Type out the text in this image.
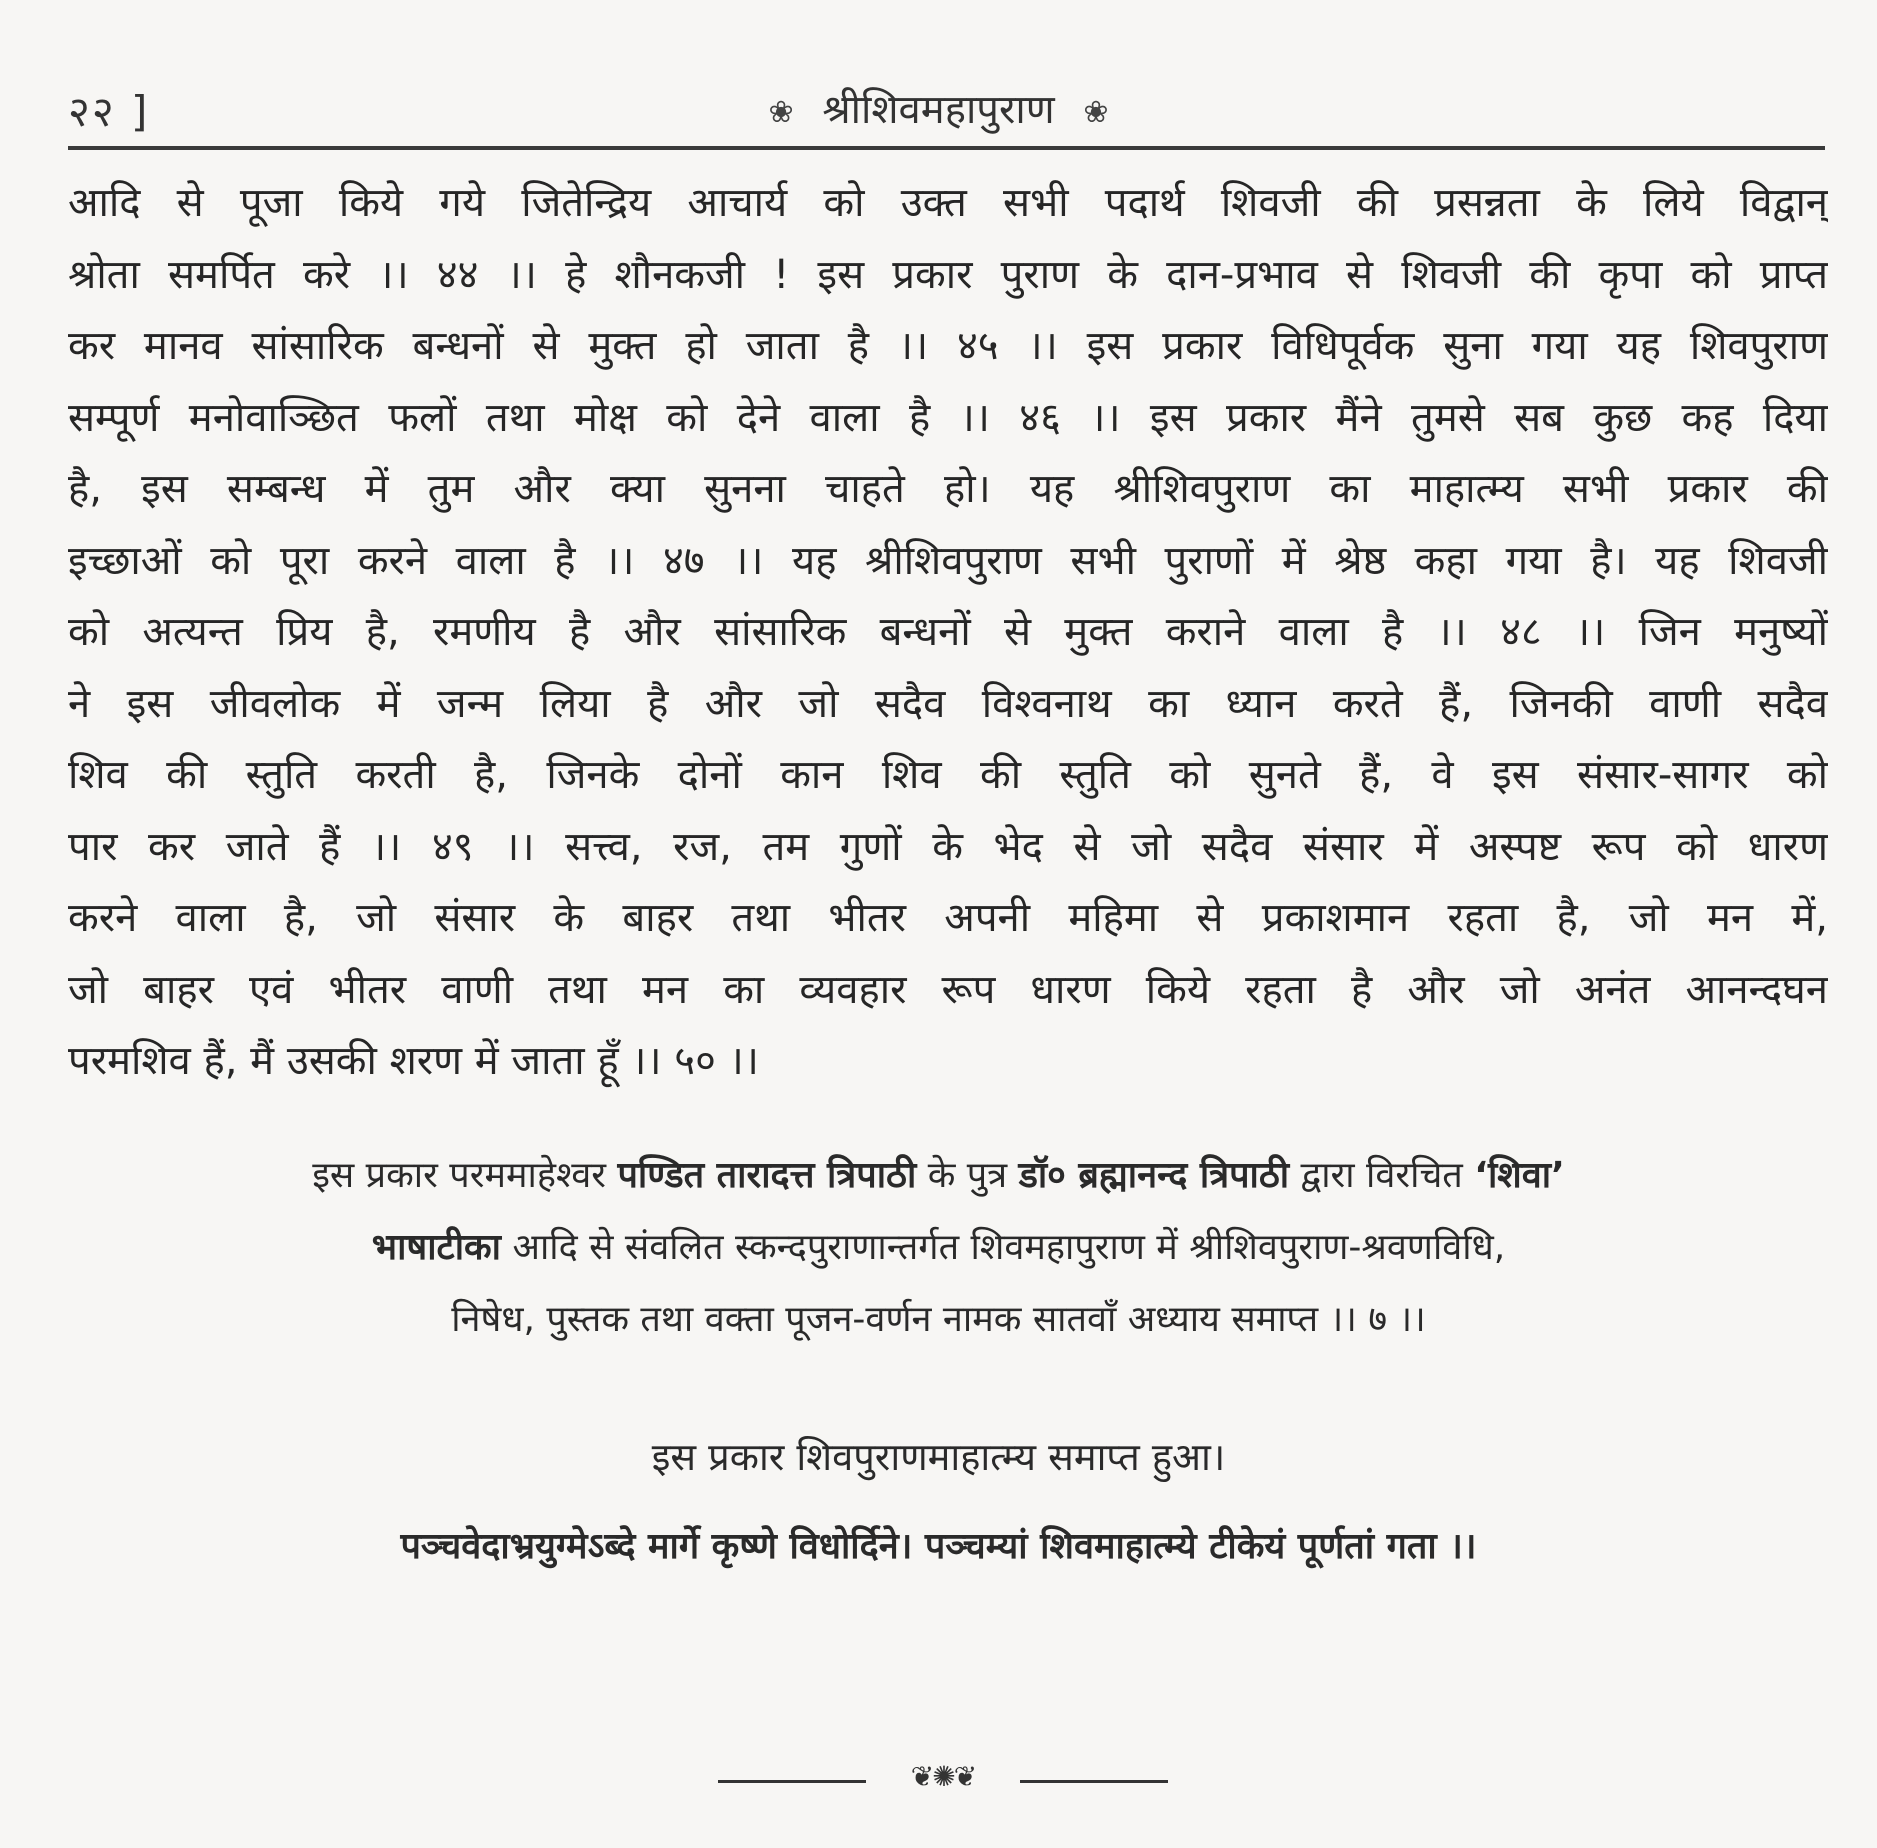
२२ ]	❀ श्रीशिवमहापुराण ❀
आदि से पूजा किये गये जितेन्द्रिय आचार्य को उक्त सभी पदार्थ शिवजी की प्रसन्नता के लिये विद्वान्
श्रोता समर्पित करे ।। ४४ ।। हे शौनकजी ! इस प्रकार पुराण के दान-प्रभाव से शिवजी की कृपा को प्राप्त
कर मानव सांसारिक बन्धनों से मुक्त हो जाता है ।। ४५ ।। इस प्रकार विधिपूर्वक सुना गया यह शिवपुराण
सम्पूर्ण मनोवाञ्छित फलों तथा मोक्ष को देने वाला है ।। ४६ ।। इस प्रकार मैंने तुमसे सब कुछ कह दिया
है, इस सम्बन्ध में तुम और क्या सुनना चाहते हो। यह श्रीशिवपुराण का माहात्म्य सभी प्रकार की
इच्छाओं को पूरा करने वाला है ।। ४७ ।। यह श्रीशिवपुराण सभी पुराणों में श्रेष्ठ कहा गया है। यह शिवजी
को अत्यन्त प्रिय है, रमणीय है और सांसारिक बन्धनों से मुक्त कराने वाला है ।। ४८ ।। जिन मनुष्यों
ने इस जीवलोक में जन्म लिया है और जो सदैव विश्वनाथ का ध्यान करते हैं, जिनकी वाणी सदैव
शिव की स्तुति करती है, जिनके दोनों कान शिव की स्तुति को सुनते हैं, वे इस संसार-सागर को
पार कर जाते हैं ।। ४९ ।। सत्त्व, रज, तम गुणों के भेद से जो सदैव संसार में अस्पष्ट रूप को धारण
करने वाला है, जो संसार के बाहर तथा भीतर अपनी महिमा से प्रकाशमान रहता है, जो मन में,
जो बाहर एवं भीतर वाणी तथा मन का व्यवहार रूप धारण किये रहता है और जो अनंत आनन्दघन
परमशिव हैं, मैं उसकी शरण में जाता हूँ ।। ५० ।।
इस प्रकार परममाहेश्वर पण्डित तारादत्त त्रिपाठी के पुत्र डॉ० ब्रह्मानन्द त्रिपाठी द्वारा विरचित ‘शिवा’
भाषाटीका आदि से संवलित स्कन्दपुराणान्तर्गत शिवमहापुराण में श्रीशिवपुराण-श्रवणविधि,
निषेध, पुस्तक तथा वक्ता पूजन-वर्णन नामक सातवाँ अध्याय समाप्त ।। ७ ।।
इस प्रकार शिवपुराणमाहात्म्य समाप्त हुआ।
पञ्चवेदाभ्रयुग्मेऽब्दे मार्गे कृष्णे विधोर्दिने। पञ्चम्यां शिवमाहात्म्ये टीकेयं पूर्णतां गता ।।
❦✺❦
